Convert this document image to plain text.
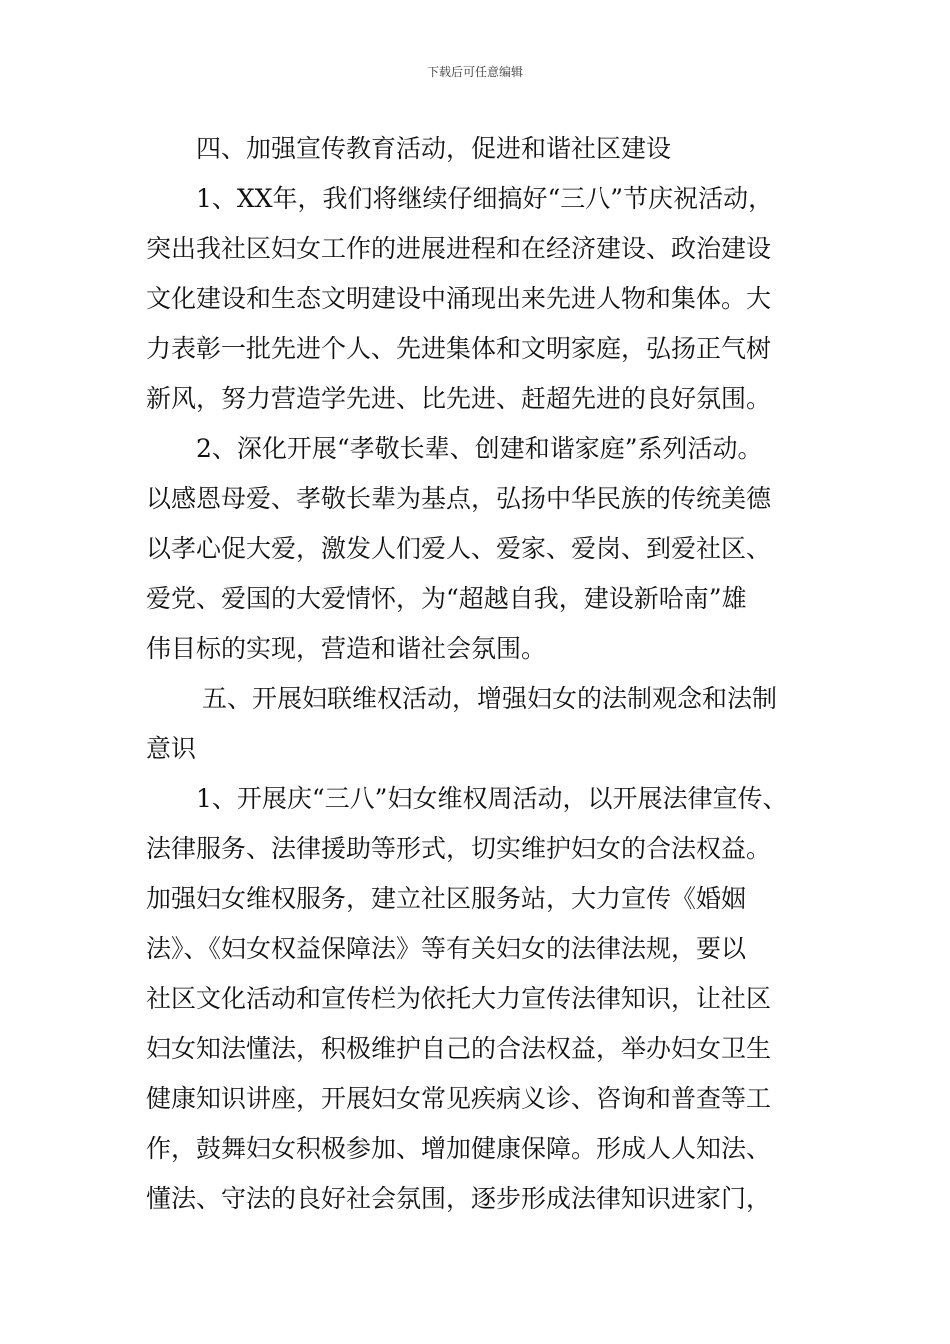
下载后可任意编辑
四、加强宣传教育活动，促进和谐社区建设
1、XX年，我们将继续仔细搞好“三八”节庆祝活动，
突出我社区妇女工作的进展进程和在经济建设、政治建设
文化建设和生态文明建设中涌现出来先进人物和集体。大
力表彰一批先进个人、先进集体和文明家庭，弘扬正气树
新风，努力营造学先进、比先进、赶超先进的良好氛围。
2、深化开展“孝敬长辈、创建和谐家庭”系列活动。
以感恩母爱、孝敬长辈为基点，弘扬中华民族的传统美德
以孝心促大爱，激发人们爱人、爱家、爱岗、到爱社区、
爱党、爱国的大爱情怀，为“超越自我，建设新哈南”雄
伟目标的实现，营造和谐社会氛围。
五、开展妇联维权活动，增强妇女的法制观念和法制
意识
1、开展庆“三八”妇女维权周活动，以开展法律宣传、
法律服务、法律援助等形式，切实维护妇女的合法权益。
加强妇女维权服务，建立社区服务站，大力宣传《婚姻
法》、《妇女权益保障法》等有关妇女的法律法规，要以
社区文化活动和宣传栏为依托大力宣传法律知识，让社区
妇女知法懂法，积极维护自己的合法权益，举办妇女卫生
健康知识讲座，开展妇女常见疾病义诊、咨询和普查等工
作，鼓舞妇女积极参加、增加健康保障。形成人人知法、
懂法、守法的良好社会氛围，逐步形成法律知识进家门，
